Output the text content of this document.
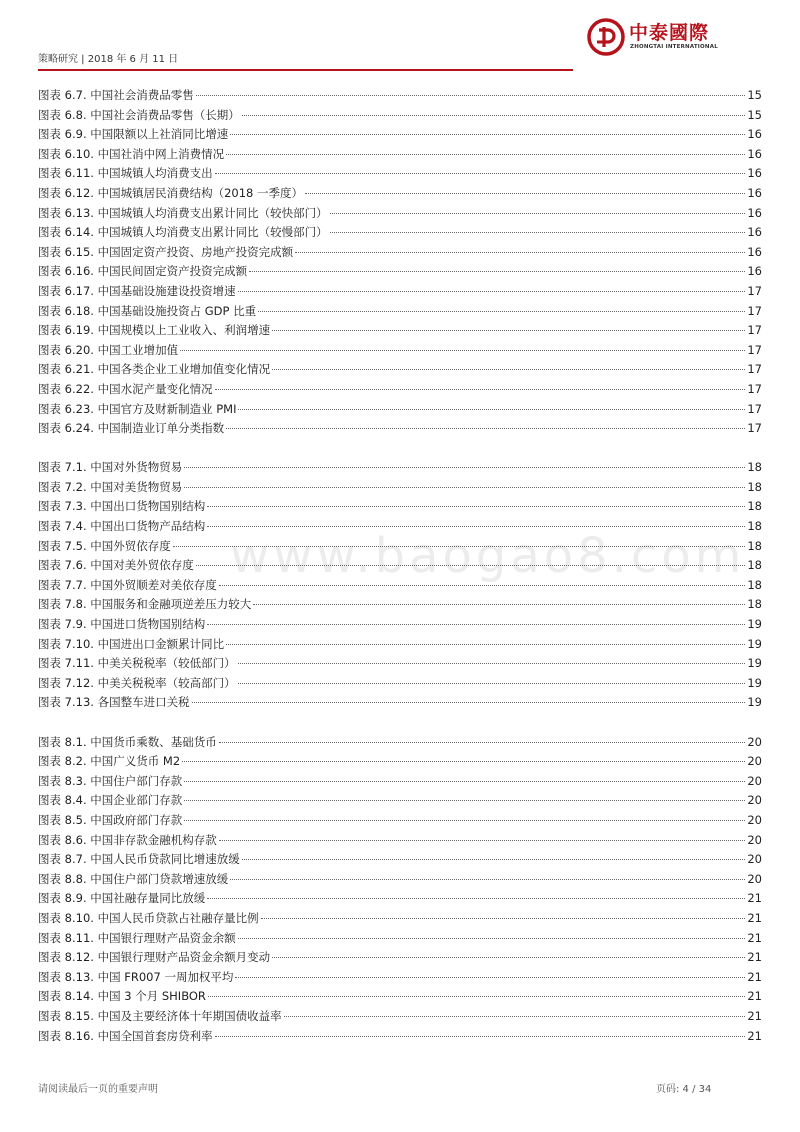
策略研究 | 2018 年 6 月 11 日
中泰國際
ZHONGTAI INTERNATIONAL
www.baogao8.com
图表 6.7. 中国社会消费品零售	15
图表 6.8. 中国社会消费品零售（长期）	15
图表 6.9. 中国限额以上社消同比增速	16
图表 6.10. 中国社消中网上消费情况	16
图表 6.11. 中国城镇人均消费支出	16
图表 6.12. 中国城镇居民消费结构（2018 一季度）	16
图表 6.13. 中国城镇人均消费支出累计同比（较快部门）	16
图表 6.14. 中国城镇人均消费支出累计同比（较慢部门）	16
图表 6.15. 中国固定资产投资、房地产投资完成额	16
图表 6.16. 中国民间固定资产投资完成额	16
图表 6.17. 中国基础设施建设投资增速	17
图表 6.18. 中国基础设施投资占 GDP 比重	17
图表 6.19. 中国规模以上工业收入、利润增速	17
图表 6.20. 中国工业增加值	17
图表 6.21. 中国各类企业工业增加值变化情况	17
图表 6.22. 中国水泥产量变化情况	17
图表 6.23. 中国官方及财新制造业 PMI	17
图表 6.24. 中国制造业订单分类指数	17
图表 7.1. 中国对外货物贸易	18
图表 7.2. 中国对美货物贸易	18
图表 7.3. 中国出口货物国别结构	18
图表 7.4. 中国出口货物产品结构	18
图表 7.5. 中国外贸依存度	18
图表 7.6. 中国对美外贸依存度	18
图表 7.7. 中国外贸顺差对美依存度	18
图表 7.8. 中国服务和金融项逆差压力较大	18
图表 7.9. 中国进口货物国别结构	19
图表 7.10. 中国进出口金额累计同比	19
图表 7.11. 中美关税税率（较低部门）	19
图表 7.12. 中美关税税率（较高部门）	19
图表 7.13. 各国整车进口关税	19
图表 8.1. 中国货币乘数、基础货币	20
图表 8.2. 中国广义货币 M2	20
图表 8.3. 中国住户部门存款	20
图表 8.4. 中国企业部门存款	20
图表 8.5. 中国政府部门存款	20
图表 8.6. 中国非存款金融机构存款	20
图表 8.7. 中国人民币贷款同比增速放缓	20
图表 8.8. 中国住户部门贷款增速放缓	20
图表 8.9. 中国社融存量同比放缓	21
图表 8.10. 中国人民币贷款占社融存量比例	21
图表 8.11. 中国银行理财产品资金余额	21
图表 8.12. 中国银行理财产品资金余额月变动	21
图表 8.13. 中国 FR007 一周加权平均	21
图表 8.14. 中国 3 个月 SHIBOR	21
图表 8.15. 中国及主要经济体十年期国债收益率	21
图表 8.16. 中国全国首套房贷利率	21
请阅读最后一页的重要声明	页码: 4 / 34
